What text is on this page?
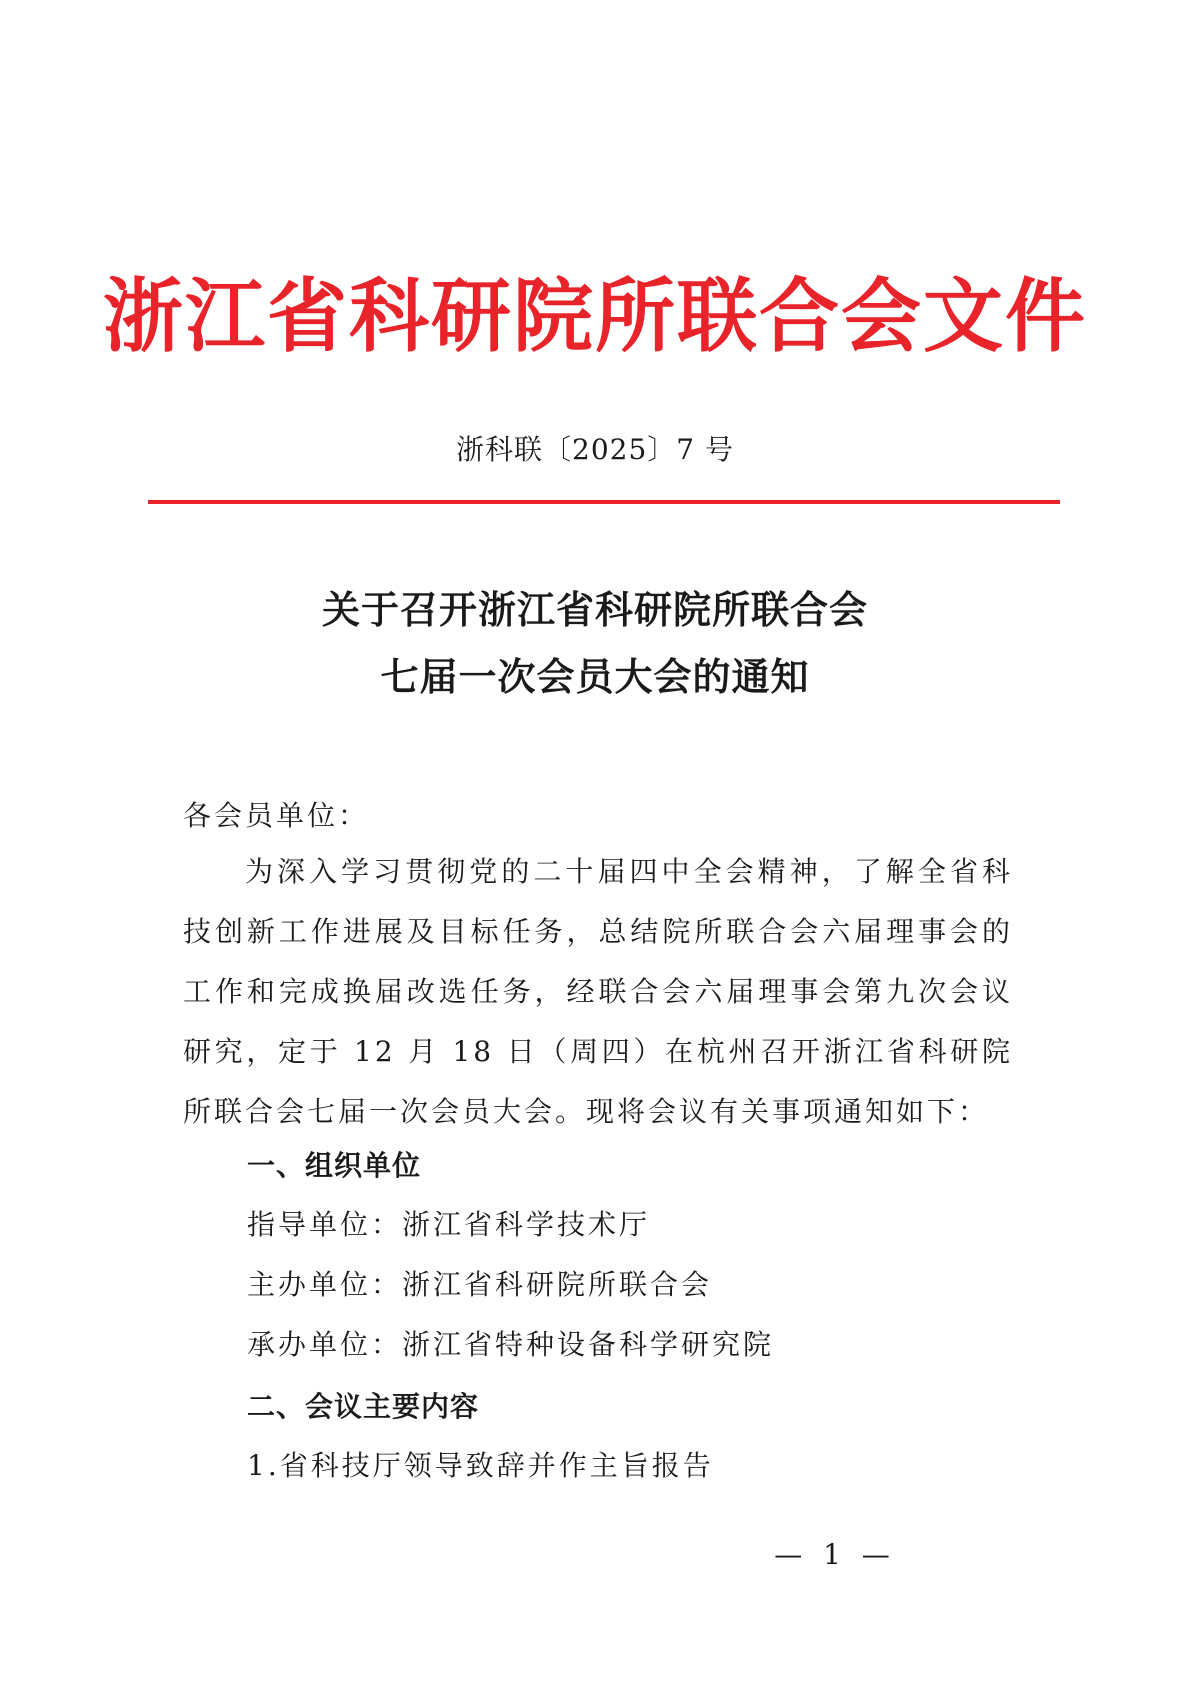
浙江省科研院所联合会文件
浙科联〔2025〕7 号
关于召开浙江省科研院所联合会
七届一次会员大会的通知
各会员单位：
为深入学习贯彻党的二十届四中全会精神，了解全省科技创新工作进展及目标任务，总结院所联合会六届理事会的工作和完成换届改选任务，经联合会六届理事会第九次会议研究，定于 12 月 18 日（周四）在杭州召开浙江省科研院所联合会七届一次会员大会。现将会议有关事项通知如下：
一、组织单位
指导单位：浙江省科学技术厅
主办单位：浙江省科研院所联合会
承办单位：浙江省特种设备科学研究院
二、会议主要内容
1.省科技厅领导致辞并作主旨报告
— 1 —
